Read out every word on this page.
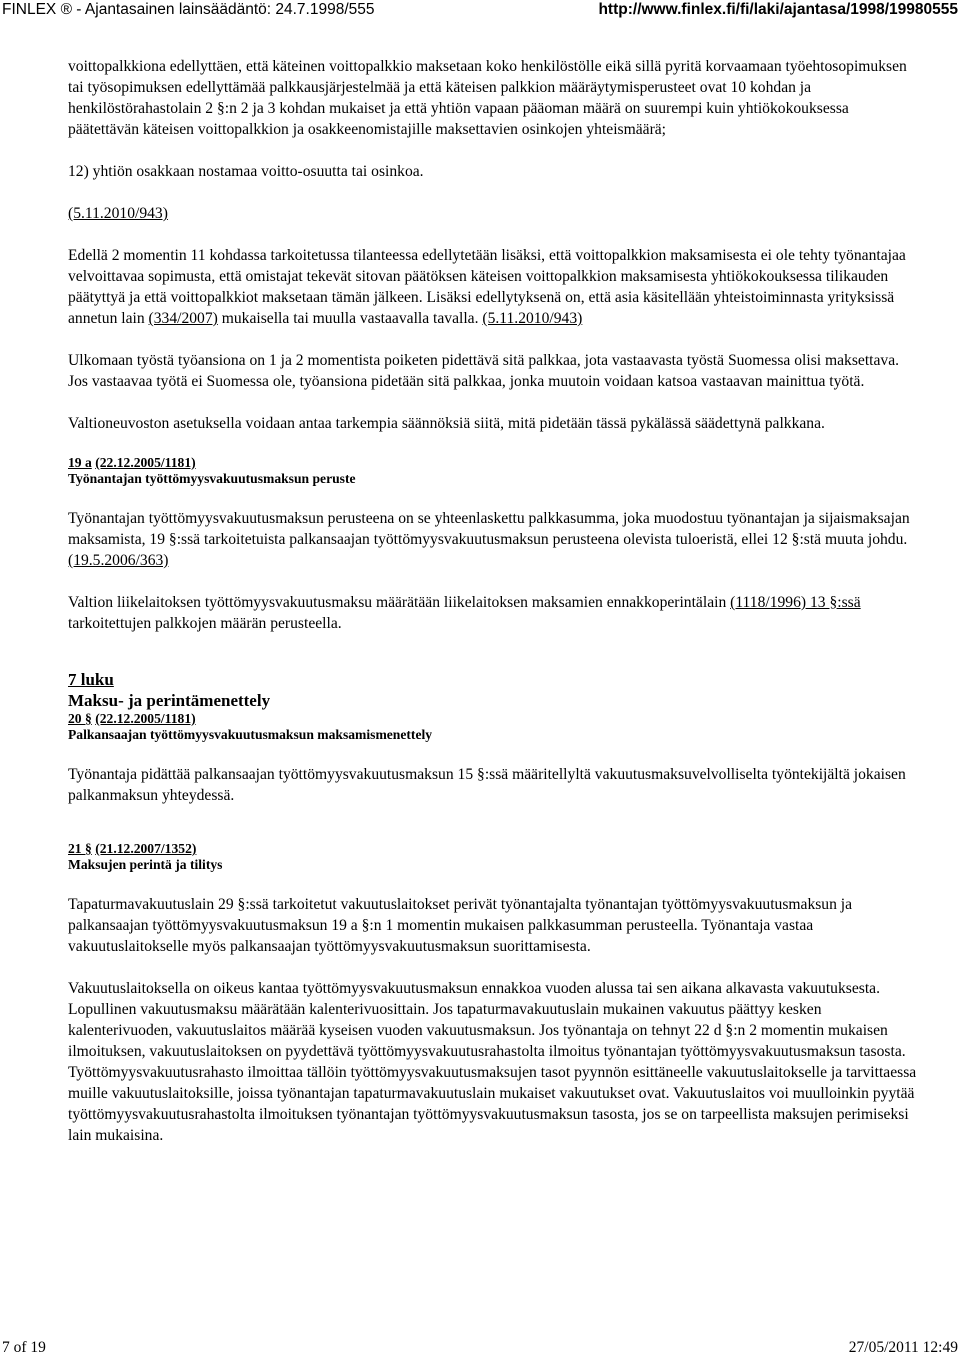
FINLEX ® - Ajantasainen lainsäädäntö: 24.7.1998/555	http://www.finlex.fi/fi/laki/ajantasa/1998/19980555

voittopalkkiona edellyttäen, että käteinen voittopalkkio maksetaan koko henkilöstölle eikä sillä pyritä korvaamaan työehtosopimuksen tai työsopimuksen edellyttämää palkkausjärjestelmää ja että käteisen palkkion määräytymisperusteet ovat 10 kohdan ja henkilöstörahastolain 2 §:n 2 ja 3 kohdan mukaiset ja että yhtiön vapaan pääoman määrä on suurempi kuin yhtiökokouksessa päätettävän käteisen voittopalkkion ja osakkeenomistajille maksettavien osinkojen yhteismäärä;

12) yhtiön osakkaan nostamaa voitto-osuutta tai osinkoa.

(5.11.2010/943)

Edellä 2 momentin 11 kohdassa tarkoitetussa tilanteessa edellytetään lisäksi, että voittopalkkion maksamisesta ei ole tehty työnantajaa velvoittavaa sopimusta, että omistajat tekevät sitovan päätöksen käteisen voittopalkkion maksamisesta yhtiökokouksessa tilikauden päätyttyä ja että voittopalkkiot maksetaan tämän jälkeen. Lisäksi edellytyksenä on, että asia käsitellään yhteistoiminnasta yrityksissä annetun lain (334/2007) mukaisella tai muulla vastaavalla tavalla. (5.11.2010/943)

Ulkomaan työstä työansiona on 1 ja 2 momentista poiketen pidettävä sitä palkkaa, jota vastaavasta työstä Suomessa olisi maksettava. Jos vastaavaa työtä ei Suomessa ole, työansiona pidetään sitä palkkaa, jonka muutoin voidaan katsoa vastaavan mainittua työtä.

Valtioneuvoston asetuksella voidaan antaa tarkempia säännöksiä siitä, mitä pidetään tässä pykälässä säädettynä palkkana.

19 a (22.12.2005/1181)

Työnantajan työttömyysvakuutusmaksun peruste

Työnantajan työttömyysvakuutusmaksun perusteena on se yhteenlaskettu palkkasumma, joka muodostuu työnantajan ja sijaismaksajan maksamista, 19 §:ssä tarkoitetuista palkansaajan työttömyysvakuutusmaksun perusteena olevista tuloeristä, ellei 12 §:stä muuta johdu. (19.5.2006/363)

Valtion liikelaitoksen työttömyysvakuutusmaksu määrätään liikelaitoksen maksamien ennakkoperintälain (1118/1996) 13 §:ssä tarkoitettujen palkkojen määrän perusteella.

7 luku

Maksu- ja perintämenettely

20 § (22.12.2005/1181)

Palkansaajan työttömyysvakuutusmaksun maksamismenettely

Työnantaja pidättää palkansaajan työttömyysvakuutusmaksun 15 §:ssä määritellyltä vakuutusmaksuvelvolliselta työntekijältä jokaisen palkanmaksun yhteydessä.

21 § (21.12.2007/1352)

Maksujen perintä ja tilitys

Tapaturmavakuutuslain 29 §:ssä tarkoitetut vakuutuslaitokset perivät työnantajalta työnantajan työttömyysvakuutusmaksun ja palkansaajan työttömyysvakuutusmaksun 19 a §:n 1 momentin mukaisen palkkasumman perusteella. Työnantaja vastaa vakuutuslaitokselle myös palkansaajan työttömyysvakuutusmaksun suorittamisesta.

Vakuutuslaitoksella on oikeus kantaa työttömyysvakuutusmaksun ennakkoa vuoden alussa tai sen aikana alkavasta vakuutuksesta. Lopullinen vakuutusmaksu määrätään kalenterivuosittain. Jos tapaturmavakuutuslain mukainen vakuutus päättyy kesken kalenterivuoden, vakuutuslaitos määrää kyseisen vuoden vakuutusmaksun. Jos työnantaja on tehnyt 22 d §:n 2 momentin mukaisen ilmoituksen, vakuutuslaitoksen on pyydettävä työttömyysvakuutusrahastolta ilmoitus työnantajan työttömyysvakuutusmaksun tasosta. Työttömyysvakuutusrahasto ilmoittaa tällöin työttömyysvakuutusmaksujen tasot pyynnön esittäneelle vakuutuslaitokselle ja tarvittaessa muille vakuutuslaitoksille, joissa työnantajan tapaturmavakuutuslain mukaiset vakuutukset ovat. Vakuutuslaitos voi muulloinkin pyytää työttömyysvakuutusrahastolta ilmoituksen työnantajan työttömyysvakuutusmaksun tasosta, jos se on tarpeellista maksujen perimiseksi lain mukaisina.

7 of 19	27/05/2011 12:49
